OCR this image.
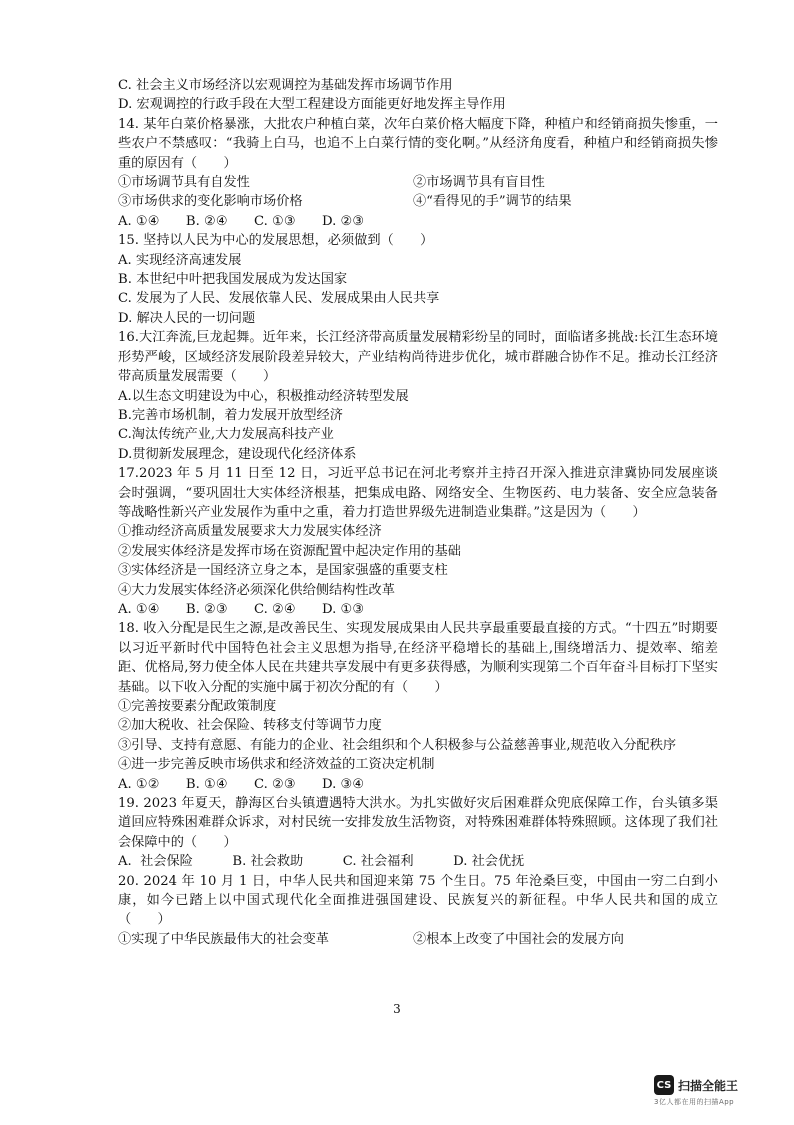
C. 社会主义市场经济以宏观调控为基础发挥市场调节作用

D. 宏观调控的行政手段在大型工程建设方面能更好地发挥主导作用

14. 某年白菜价格暴涨，大批农户种植白菜，次年白菜价格大幅度下降，种植户和经销商损失惨重，一些农户不禁感叹：“我骑上白马，也追不上白菜行情的变化啊。”从经济角度看，种植户和经销商损失惨重的原因有（　　）

①市场调节具有自发性	②市场调节具有盲目性
③市场供求的变化影响市场价格	④“看得见的手”调节的结果

A. ①④　　B. ②④　　C. ①③　　D. ②③

15. 坚持以人民为中心的发展思想，必须做到（　　）

A. 实现经济高速发展

B. 本世纪中叶把我国发展成为发达国家

C. 发展为了人民、发展依靠人民、发展成果由人民共享

D. 解决人民的一切问题

16.大江奔流,巨龙起舞。近年来，长江经济带高质量发展精彩纷呈的同时，面临诸多挑战:长江生态环境形势严峻，区域经济发展阶段差异较大，产业结构尚待进步优化，城市群融合协作不足。推动长江经济带高质量发展需要（　　）

A.以生态文明建设为中心，积极推动经济转型发展

B.完善市场机制，着力发展开放型经济

C.淘汰传统产业,大力发展高科技产业

D.贯彻新发展理念，建设现代化经济体系

17.2023 年 5 月 11 日至 12 日，习近平总书记在河北考察并主持召开深入推进京津冀协同发展座谈会时强调，“要巩固壮大实体经济根基，把集成电路、网络安全、生物医药、电力装备、安全应急装备等战略性新兴产业发展作为重中之重，着力打造世界级先进制造业集群。”这是因为（　　）

①推动经济高质量发展要求大力发展实体经济

②发展实体经济是发挥市场在资源配置中起决定作用的基础

③实体经济是一国经济立身之本，是国家强盛的重要支柱

④大力发展实体经济必须深化供给侧结构性改革

A. ①④　　B. ②③　　C. ②④　　D. ①③

18. 收入分配是民生之源,是改善民生、实现发展成果由人民共享最重要最直接的方式。“十四五”时期要以习近平新时代中国特色社会主义思想为指导,在经济平稳增长的基础上,围绕增活力、提效率、缩差距、优格局,努力使全体人民在共建共享发展中有更多获得感，为顺利实现第二个百年奋斗目标打下坚实基础。以下收入分配的实施中属于初次分配的有（　　）

①完善按要素分配政策制度

②加大税收、社会保险、转移支付等调节力度

③引导、支持有意愿、有能力的企业、社会组织和个人积极参与公益慈善事业,规范收入分配秩序

④进一步完善反映市场供求和经济效益的工资决定机制

A. ①②　　B. ①④　　C. ②③　　D. ③④

19. 2023 年夏天，静海区台头镇遭遇特大洪水。为扎实做好灾后困难群众兜底保障工作，台头镇多渠道回应特殊困难群众诉求，对村民统一安排发放生活物资，对特殊困难群体特殊照顾。这体现了我们社会保障中的（　　）

A.  社会保险　　　B. 社会救助　　　C. 社会福利　　　D. 社会优抚

20. 2024 年 10 月 1 日，中华人民共和国迎来第 75 个生日。75 年沧桑巨变，中国由一穷二白到小康，如今已踏上以中国式现代化全面推进强国建设、民族复兴的新征程。中华人民共和国的成立（　　）

①实现了中华民族最伟大的社会变革	②根本上改变了中国社会的发展方向
3
CS 扫描全能王
3亿人都在用的扫描App
